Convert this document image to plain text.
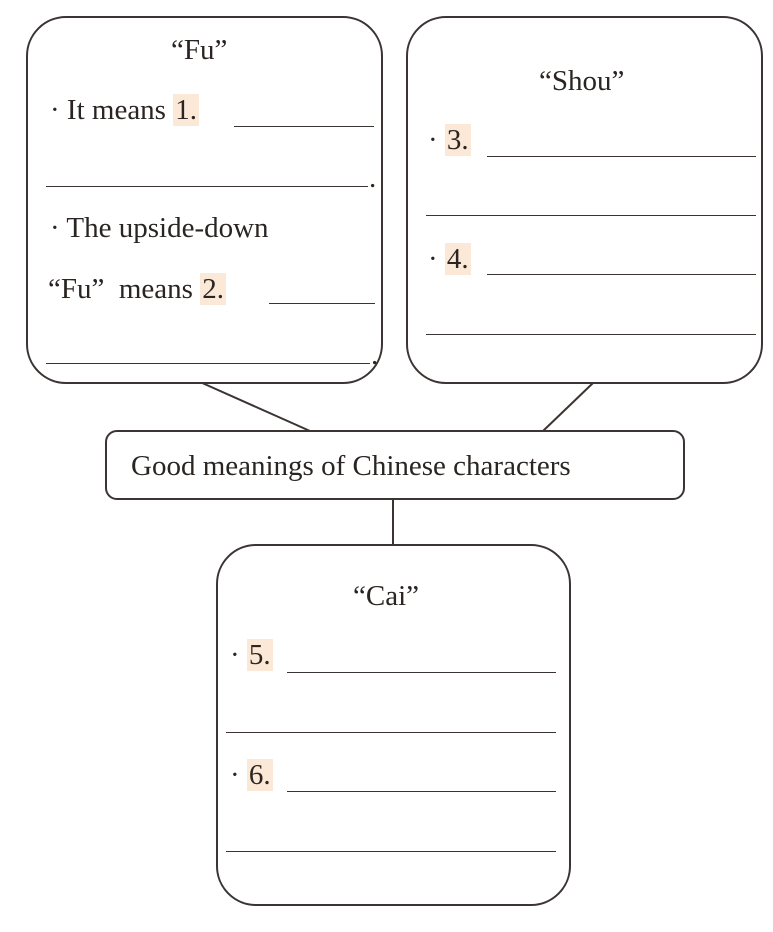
“Fu”
· It means 1.
.
· The upside-down
“Fu”  means 2.
.
“Shou”
· 3.
· 4.
Good meanings of Chinese characters
“Cai”
· 5.
· 6.
